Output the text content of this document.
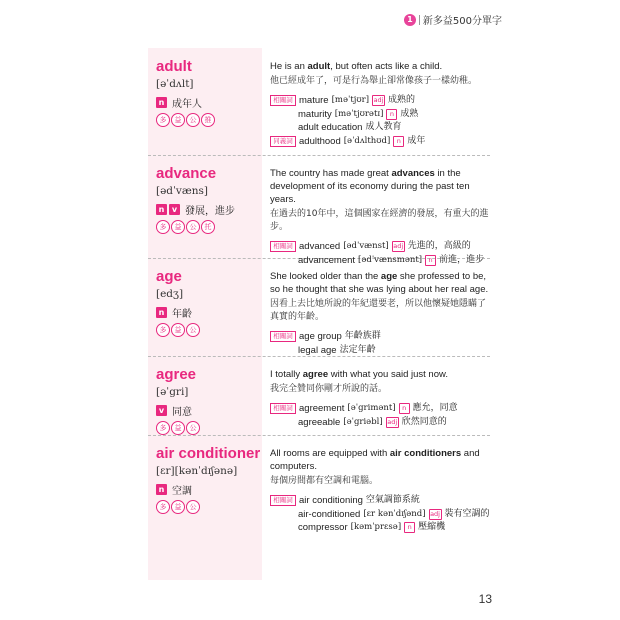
1	新多益500分單字
adult
[əˈdʌlt]
n 成年人
多	益	公	推
He is an adult, but often acts like a child.
他已經成年了，可是行為舉止卻常像孩子一樣幼稚。
相關詞 mature [məˈtjʊr] adj 成熟的
maturity [məˈtjʊrətɪ] n 成熟
adult education 成人教育
同義詞 adulthood [əˈdʌlthʊd] n 成年
advance
[ədˈvæns]
n v 發展，進步
多	益	公	托
The country has made great advances in the development of its economy during the past ten years.
在過去的10年中，這個國家在經濟的發展，有重大的進步。
相關詞 advanced [ədˈvænst] adj 先進的，高級的
advancement [ədˈvænsmənt] n 前進，進步
age
[edʒ]
n 年齡
多	益	公
She looked older than the age she professed to be, so he thought that she was lying about her real age.
因看上去比她所說的年紀還要老，所以他懷疑她隱瞞了真實的年齡。
相關詞 age group 年齡族群
legal age 法定年齡
agree
[əˈgri]
v 同意
多	益	公
I totally agree with what you said just now.
我完全贊同你剛才所說的話。
相關詞 agreement [əˈgrimənt] n 應允，同意
agreeable [əˈgriəbl] adj 欣然同意的
air conditioner
[ɛr][kənˈdɪʃənə]
n 空調
多	益	公
All rooms are equipped with air conditioners and computers.
每個房間都有空調和電腦。
相關詞 air conditioning 空氣調節系統
air-conditioned [ɛr kənˈdɪʃənd] adj 裝有空調的
compressor [kəmˈprɛsə] n 壓縮機
13
